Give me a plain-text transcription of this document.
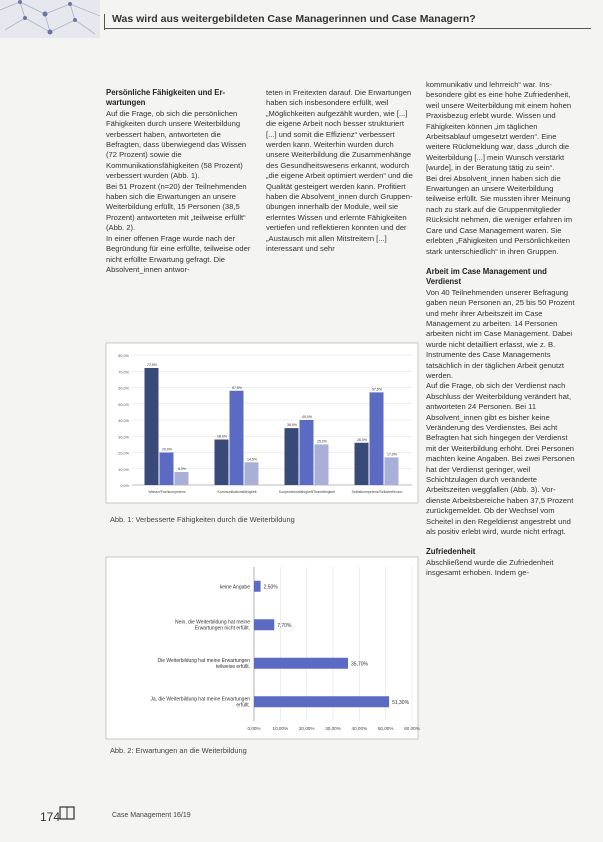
Was wird aus weitergebildeten Case Managerinnen und Case Managern?
Persönliche Fähigkeiten und Erwartungen

Auf die Frage, ob sich die persönlichen Fähigkeiten durch unsere Weiterbildung verbessert haben, antworteten die Befragten, dass überwiegend das Wissen (72 Prozent) sowie die Kommunikationsfähigkeiten (58 Prozent) verbessert wurden (Abb. 1).

Bei 51 Prozent (n=20) der Teilnehmenden haben sich die Erwartungen an unsere Weiterbildung erfüllt, 15 Personen (38,5 Prozent) antworteten mit „teilweise erfüllt“ (Abb. 2).

In einer offenen Frage wurde nach der Begründung für eine erfüllte, teilweise oder nicht erfüllte Erwartung gefragt. Die Absolvent_innen antwor-

teten in Freitexten darauf. Die Erwartungen haben sich insbesondere erfüllt, weil „Möglichkeiten aufgezählt wurden, wie [...] die eigene Arbeit noch besser strukturiert [...] und somit die Effizienz“ verbessert werden kann. Weiterhin wurden durch unsere Weiterbildung die Zusammenhänge des Gesundheitswesens erkannt, wodurch „die eigene Arbeit optimiert werden“ und die Qualität gesteigert werden kann. Profitiert haben die Absolvent_innen durch Gruppenübungen innerhalb der Module, weil sie erlerntes Wissen und erlernte Fähigkeiten vertiefen und reflektieren konnten und der „Austausch mit allen Mitstreitern [...] interessant und sehr

kommunikativ und lehrreich“ war. Insbesondere gibt es eine hohe Zufriedenheit, weil unsere Weiterbildung mit einem hohen Praxisbezug erlebt wurde. Wissen und Fähigkeiten können „im täglichen Arbeitsablauf umgesetzt werden“. Eine weitere Rückmeldung war, dass „durch die Weiterbildung [...] mein Wunsch verstärkt [wurde], in der Beratung tätig zu sein“.

Bei drei Absolvent_innen haben sich die Erwartungen an unsere Weiterbildung teilweise erfüllt. Sie mussten ihrer Meinung nach zu stark auf die Gruppenmitglieder Rücksicht nehmen, die weniger erfahren im Care und Case Management waren. Sie erlebten „Fähigkeiten und Persönlichkeiten stark unterschiedlich“ in ihren Gruppen.

Arbeit im Case Management und Verdienst

Von 40 Teilnehmenden unserer Befragung gaben neun Personen an, 25 bis 50 Prozent und mehr ihrer Arbeitszeit im Case Management zu arbeiten. 14 Personen arbeiten nicht im Case Management. Dabei wurde nicht detailliert erfasst, wie z. B. Instrumente des Case Managements tatsächlich in der täglichen Arbeit genutzt werden.

Auf die Frage, ob sich der Verdienst nach Abschluss der Weiterbildung verändert hat, antworteten 24 Personen. Bei 11 Absolvent_innen gibt es bisher keine Veränderung des Verdienstes. Bei acht Befragten hat sich hingegen der Verdienst mit der Weiterbildung erhöht. Drei Personen machten keine Angaben. Bei zwei Personen hat der Verdienst geringer, weil Schichtzulagen durch veränderte Arbeitszeiten weggfallen (Abb. 3). Vordienste Arbeitsbereiche haben 37,5 Prozent zurückgemeldet. Ob der Wechsel vom Scheitel in den Regeldienst angestrebt und als positiv erlebt wird, wurde nicht erfragt.

Zufriedenheit

Abschließend wurde die Zufriedenheit insgesamt erhoben. Indem ge-

0,0%
10,0%
20,0%
30,0%
40,0%
50,0%
60,0%
70,0%
80,0%
72,5%
20,0%
8,0%
Wissen/Fachkompetenz
28,0%
57,5%
14,5%
Kommunikationsfähigkeit
35,0%
40,0%
25,0%
Kooperationsfähigkeit/Teamfähigkeit
26,0%
57,5%
17,0%
Selbstkompetenz/Selbstreflexion
Abb. 1: Verbesserte Fähigkeiten durch die Weiterbildung
0,00%	10,00% 20,00% 30,00% 40,00% 50,00% 60,00%
2,50%
keine Angabe
7,70%
Nein, die Weiterbildung hat meine Erwartungen nicht erfüllt.
35,70%
Die Weiterbildung hat meine Erwartungen teilweise erfüllt.
51,30%
Ja, die Weiterbildung hat meine Erwartungen erfüllt.
Abb. 2: Erwartungen an die Weiterbildung
174	Case Management 16/19
